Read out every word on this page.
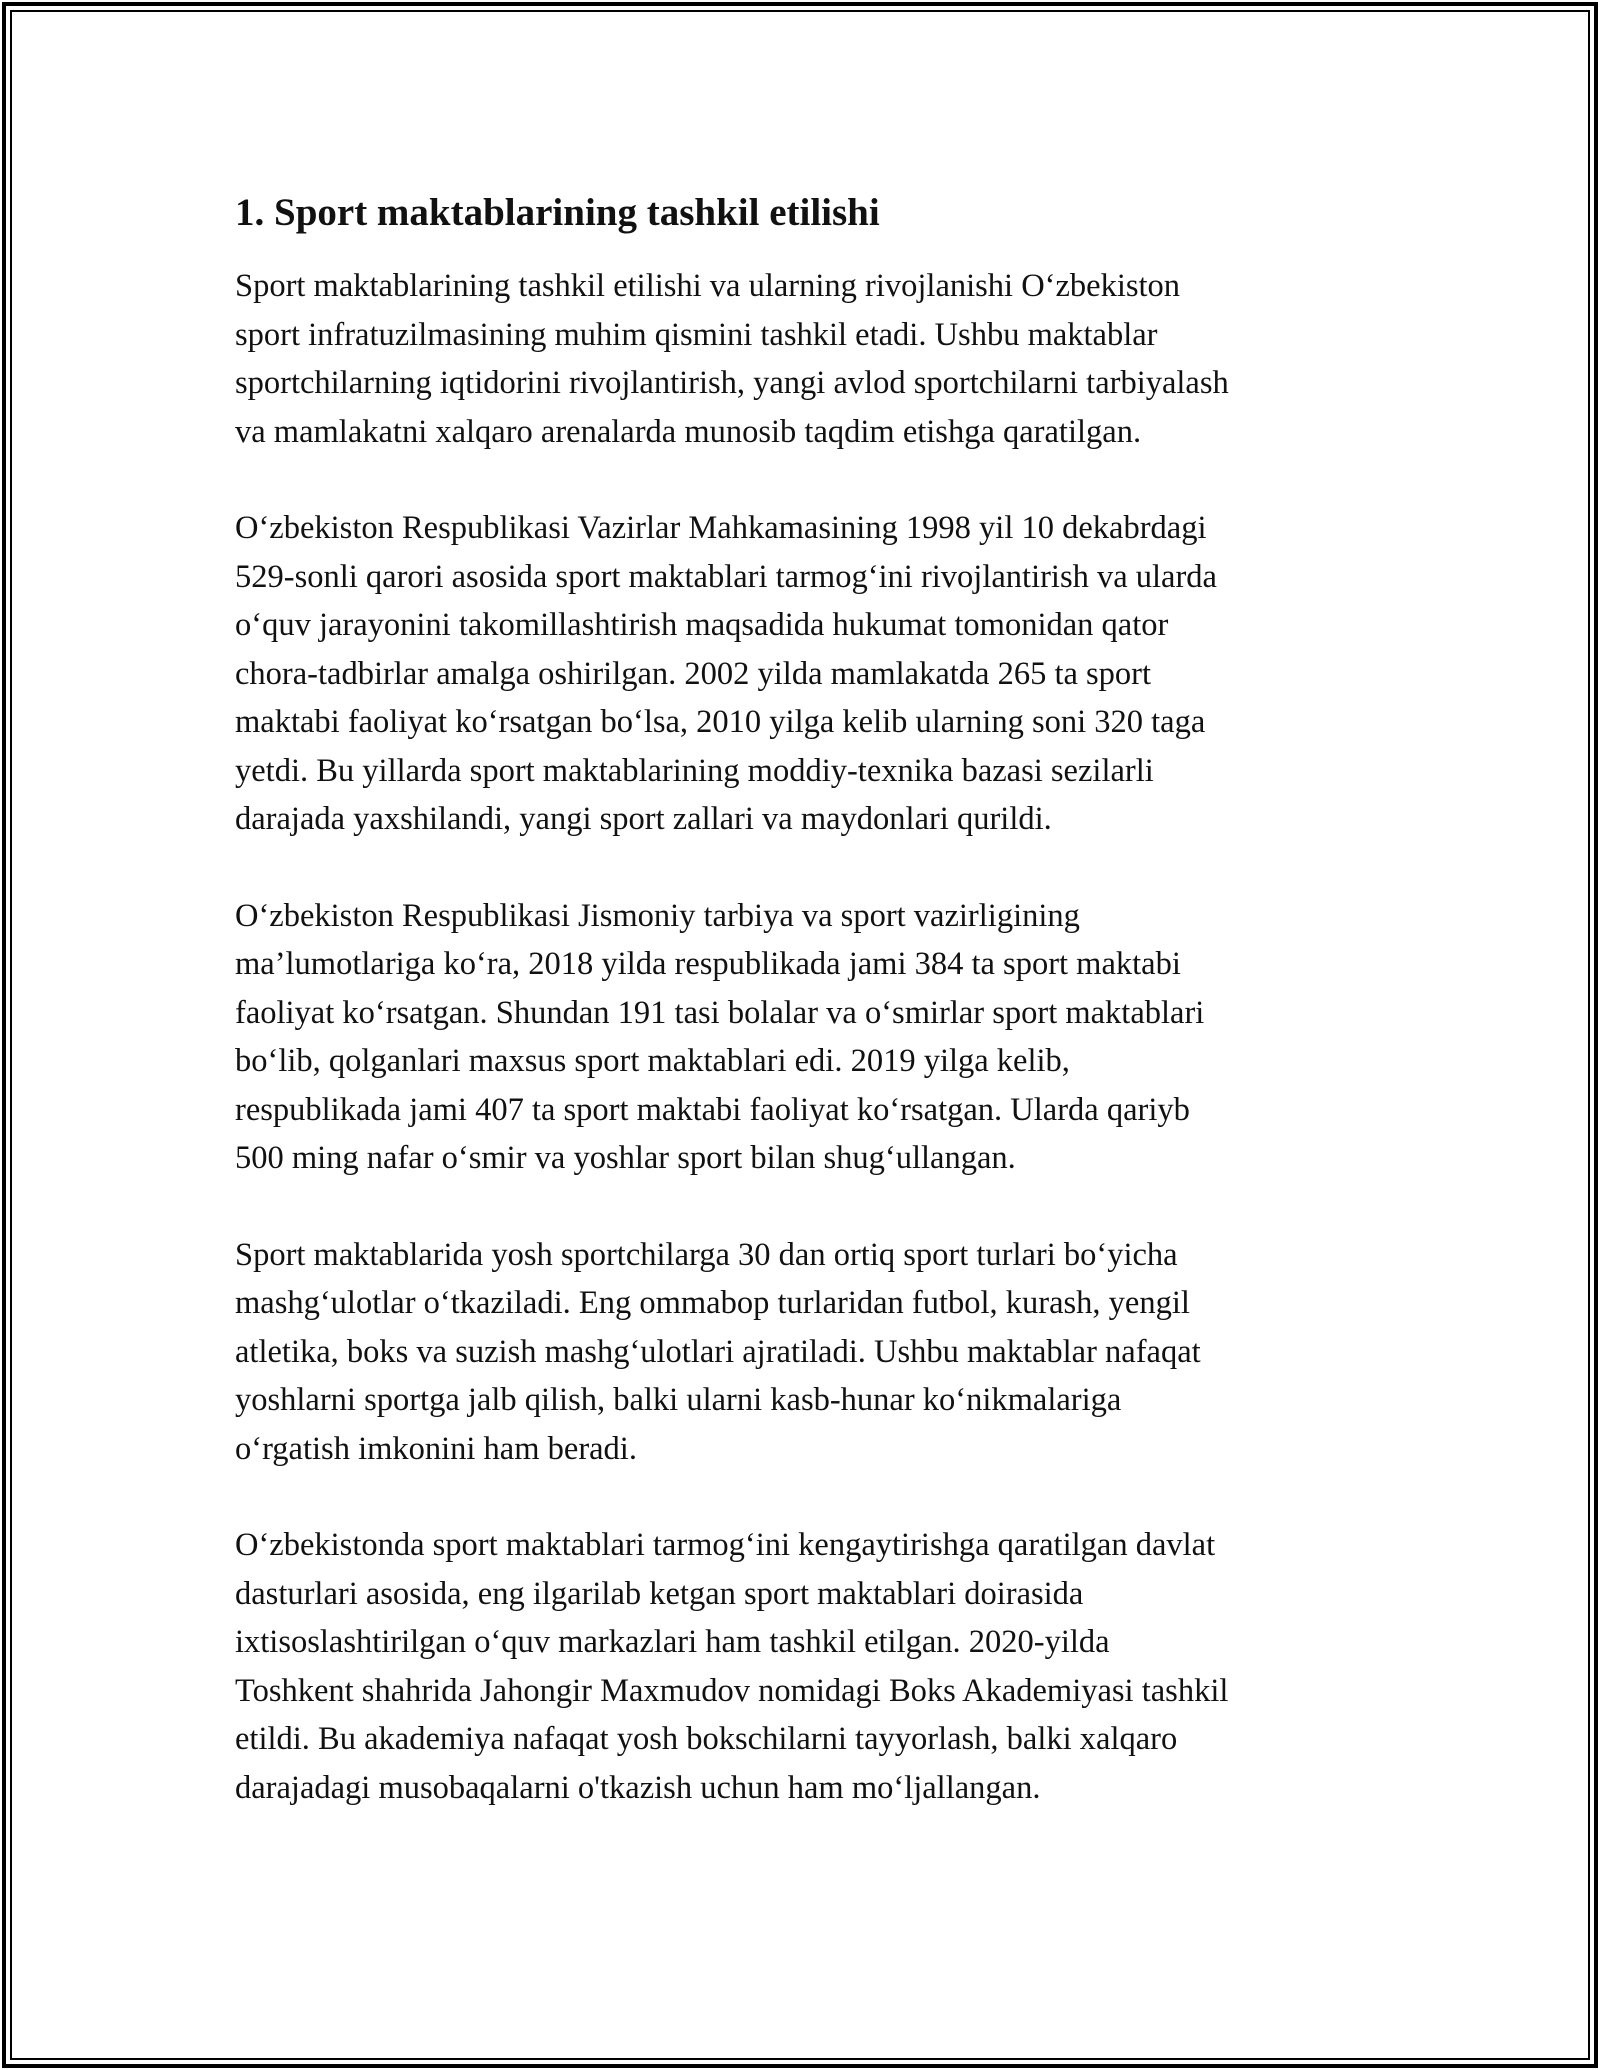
1. Sport maktablarining tashkil etilishi

Sport maktablarining tashkil etilishi va ularning rivojlanishi O‘zbekiston
sport infratuzilmasining muhim qismini tashkil etadi. Ushbu maktablar
sportchilarning iqtidorini rivojlantirish, yangi avlod sportchilarni tarbiyalash
va mamlakatni xalqaro arenalarda munosib taqdim etishga qaratilgan.

O‘zbekiston Respublikasi Vazirlar Mahkamasining 1998 yil 10 dekabrdagi
529-sonli qarori asosida sport maktablari tarmog‘ini rivojlantirish va ularda
o‘quv jarayonini takomillashtirish maqsadida hukumat tomonidan qator
chora-tadbirlar amalga oshirilgan. 2002 yilda mamlakatda 265 ta sport
maktabi faoliyat ko‘rsatgan bo‘lsa, 2010 yilga kelib ularning soni 320 taga
yetdi. Bu yillarda sport maktablarining moddiy-texnika bazasi sezilarli
darajada yaxshilandi, yangi sport zallari va maydonlari qurildi.

O‘zbekiston Respublikasi Jismoniy tarbiya va sport vazirligining
ma’lumotlariga ko‘ra, 2018 yilda respublikada jami 384 ta sport maktabi
faoliyat ko‘rsatgan. Shundan 191 tasi bolalar va o‘smirlar sport maktablari
bo‘lib, qolganlari maxsus sport maktablari edi. 2019 yilga kelib,
respublikada jami 407 ta sport maktabi faoliyat ko‘rsatgan. Ularda qariyb
500 ming nafar o‘smir va yoshlar sport bilan shug‘ullangan.

Sport maktablarida yosh sportchilarga 30 dan ortiq sport turlari bo‘yicha
mashg‘ulotlar o‘tkaziladi. Eng ommabop turlaridan futbol, kurash, yengil
atletika, boks va suzish mashg‘ulotlari ajratiladi. Ushbu maktablar nafaqat
yoshlarni sportga jalb qilish, balki ularni kasb-hunar ko‘nikmalariga
o‘rgatish imkonini ham beradi.

O‘zbekistonda sport maktablari tarmog‘ini kengaytirishga qaratilgan davlat
dasturlari asosida, eng ilgarilab ketgan sport maktablari doirasida
ixtisoslashtirilgan o‘quv markazlari ham tashkil etilgan. 2020-yilda
Toshkent shahrida Jahongir Maxmudov nomidagi Boks Akademiyasi tashkil
etildi. Bu akademiya nafaqat yosh bokschilarni tayyorlash, balki xalqaro
darajadagi musobaqalarni o'tkazish uchun ham mo‘ljallangan.
